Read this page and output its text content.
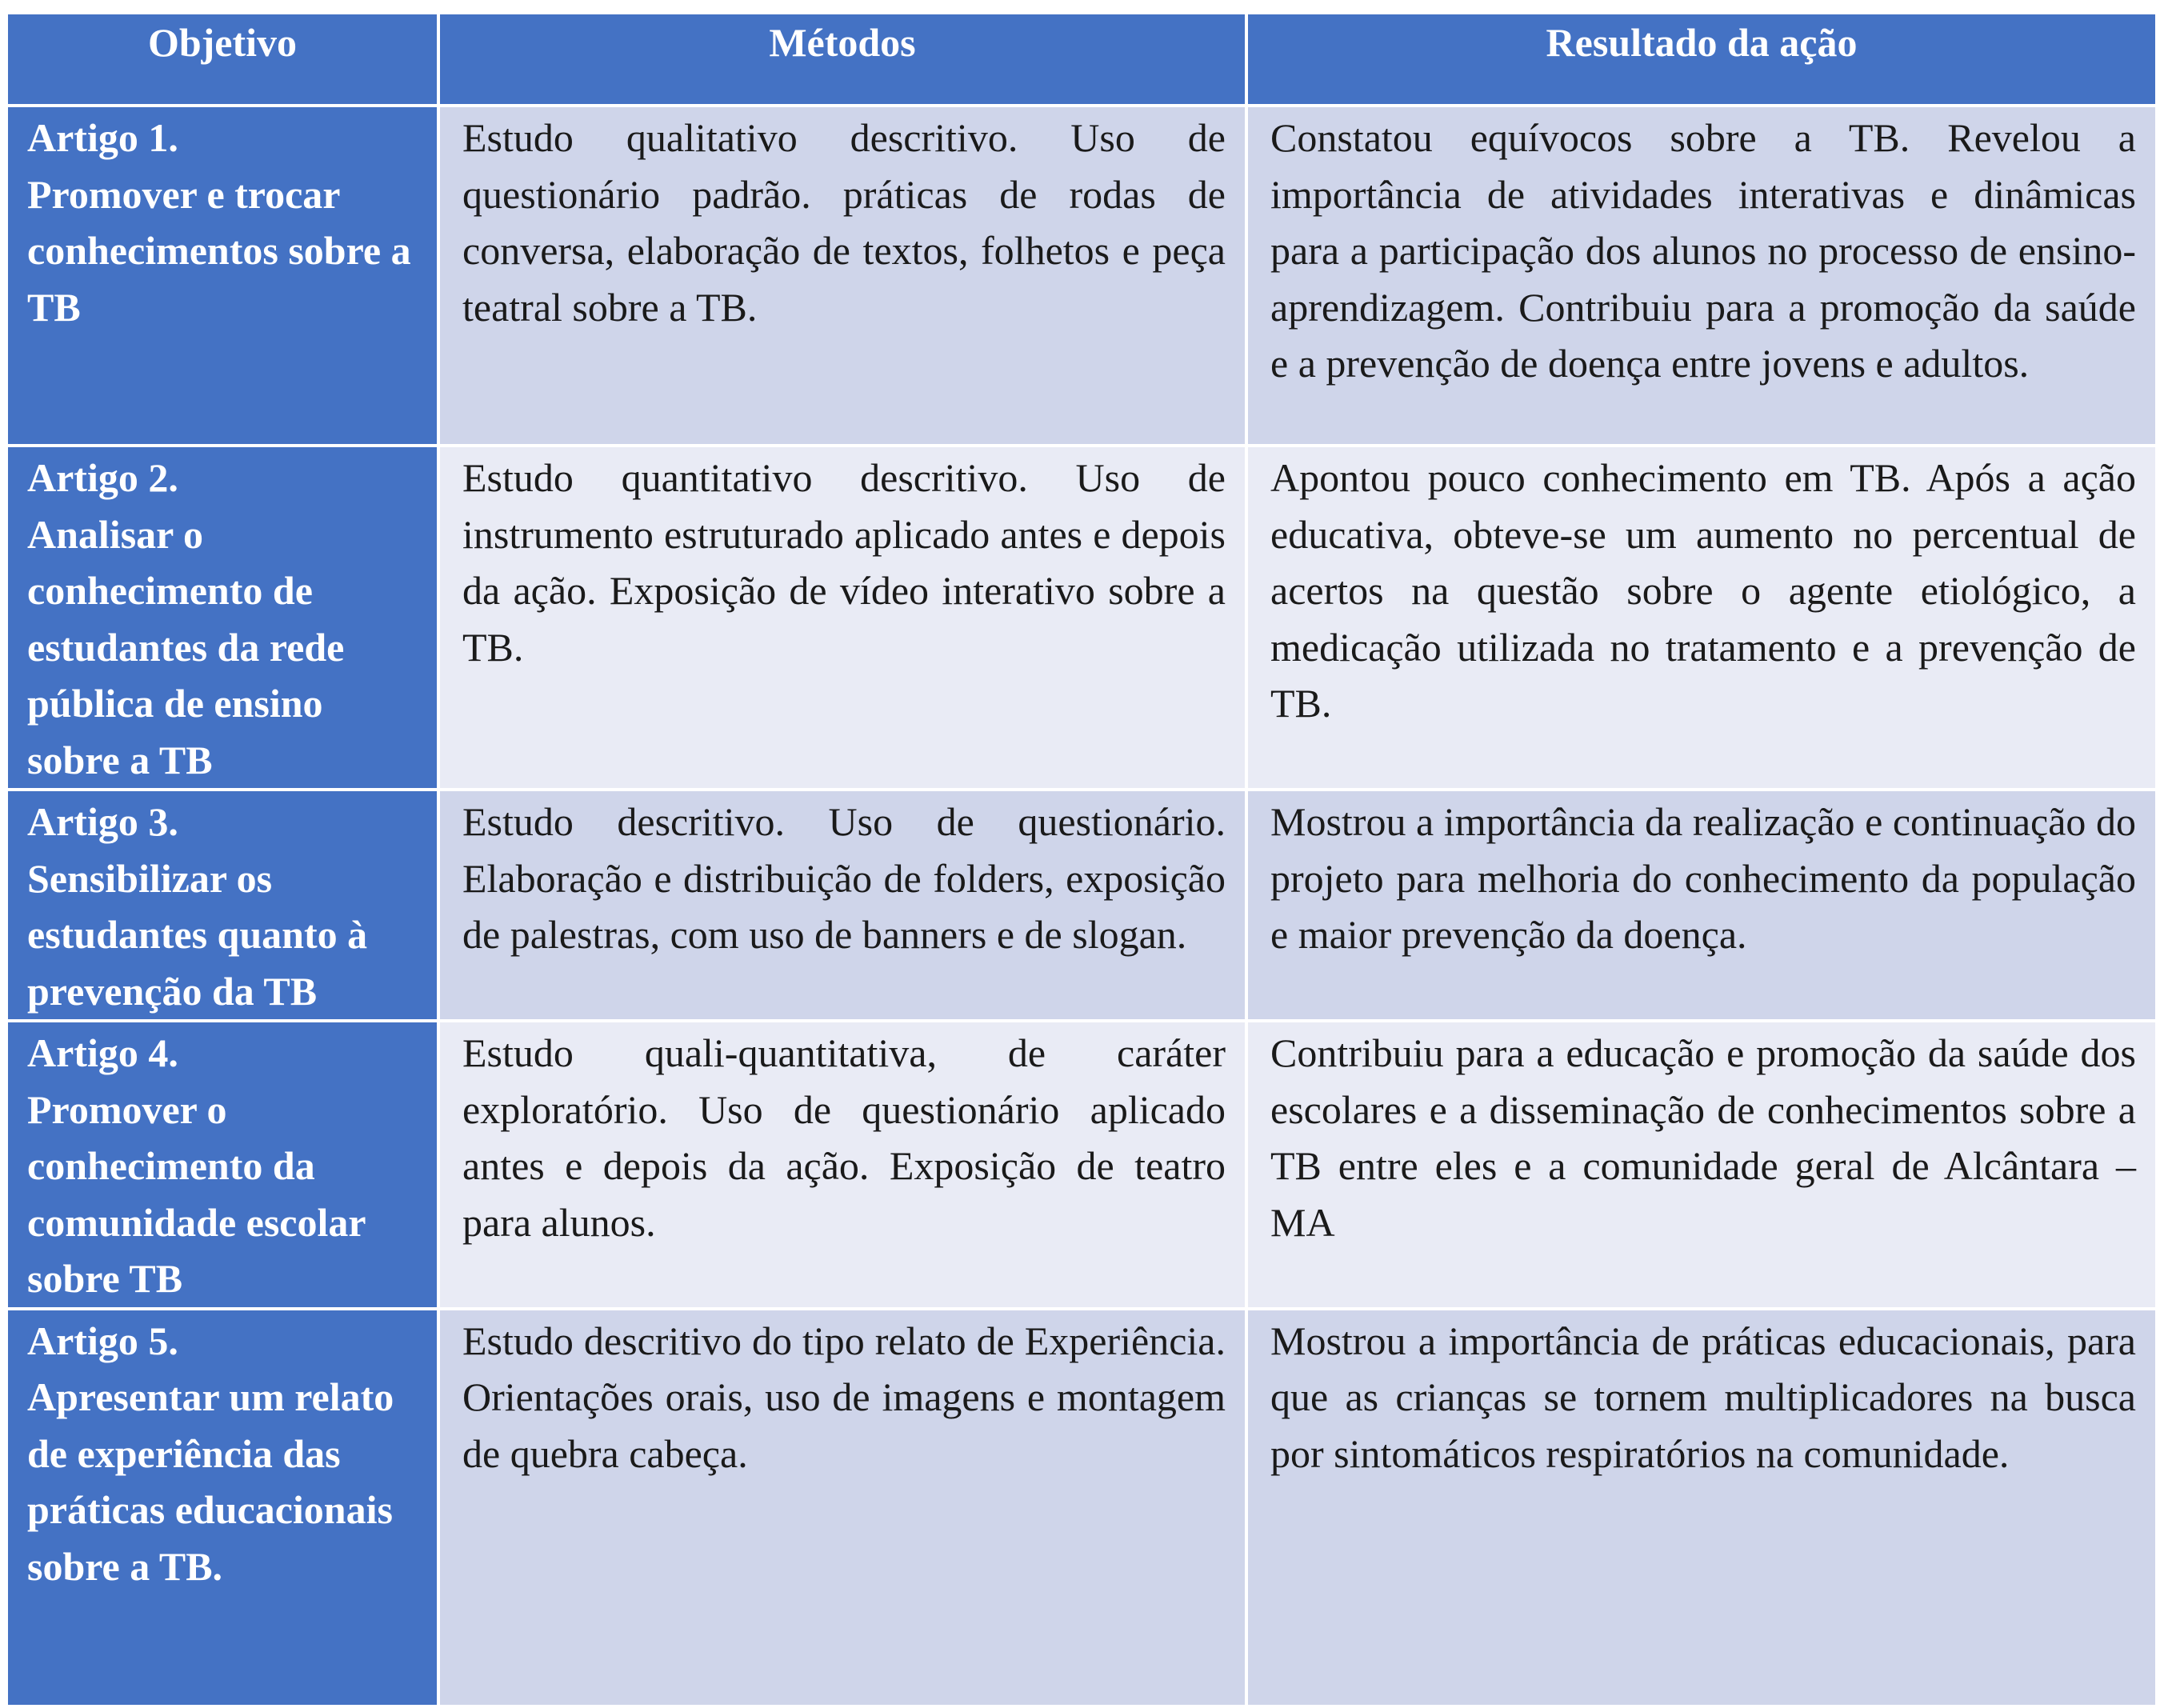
Objetivo	Métodos	Resultado da ação

Artigo 1.
Promover e trocar conhecimentos sobre a TB	Estudo qualitativo descritivo. Uso de questionário padrão. práticas de rodas de conversa, elaboração de textos, folhetos e peça teatral sobre a TB.	Constatou equívocos sobre a TB. Revelou a importância de atividades interativas e dinâmicas para a participação dos alunos no processo de ensino-aprendizagem. Contribuiu para a promoção da saúde e a prevenção de doença entre jovens e adultos.

Artigo 2.
Analisar o conhecimento de estudantes da rede pública de ensino sobre a TB	Estudo quantitativo descritivo. Uso de instrumento estruturado aplicado antes e depois da ação. Exposição de vídeo interativo sobre a TB.	Apontou pouco conhecimento em TB. Após a ação educativa, obteve-se um aumento no percentual de acertos na questão sobre o agente etiológico, a medicação utilizada no tratamento e a prevenção de TB.

Artigo 3.
Sensibilizar os estudantes quanto à prevenção da TB	Estudo descritivo. Uso de questionário. Elaboração e distribuição de folders, exposição de palestras, com uso de banners e de slogan.	Mostrou a importância da realização e continuação do projeto para melhoria do conhecimento da população e maior prevenção da doença.

Artigo 4.
Promover o conhecimento da comunidade escolar sobre TB	Estudo quali-quantitativa, de caráter exploratório. Uso de questionário aplicado antes e depois da ação. Exposição de teatro para alunos.	Contribuiu para a educação e promoção da saúde dos escolares e a disseminação de conhecimentos sobre a TB entre eles e a comunidade geral de Alcântara – MA

Artigo 5.
Apresentar um relato de experiência das práticas educacionais sobre a TB.	Estudo descritivo do tipo relato de Experiência. Orientações orais, uso de imagens e montagem de quebra cabeça.	Mostrou a importância de práticas educacionais, para que as crianças se tornem multiplicadores na busca por sintomáticos respiratórios na comunidade.
